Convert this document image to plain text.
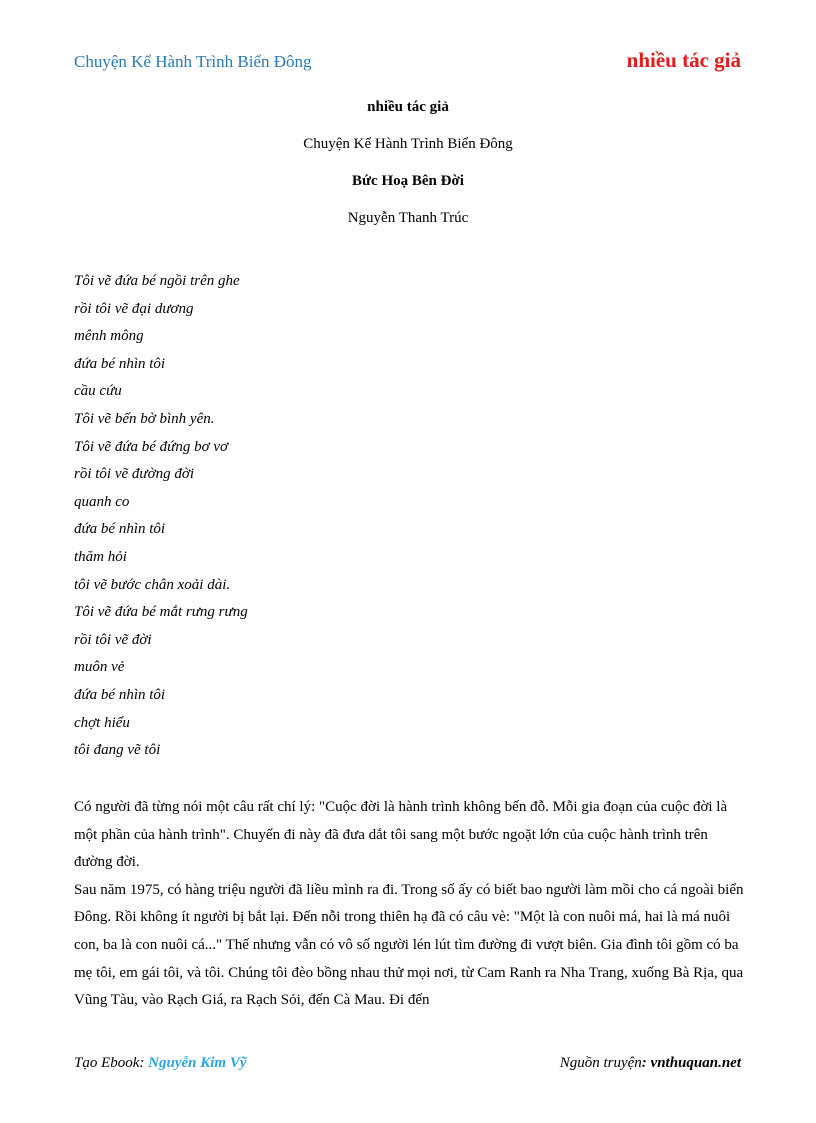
Chuyện Kể Hành Trình Biển Đông	nhiều tác giả
nhiều tác giả
Chuyện Kể Hành Trình Biển Đông
Bức Hoạ Bên Đời
Nguyễn Thanh Trúc
Tôi vẽ đứa bé ngồi trên ghe
rồi tôi vẽ đại dương
mênh mông
đứa bé nhìn tôi
cầu cứu
Tôi vẽ bến bờ bình yên.
Tôi vẽ đứa bé đứng bơ vơ
rồi tôi vẽ đường đời
quanh co
đứa bé nhìn tôi
thăm hỏi
tôi vẽ bước chân xoải dài.
Tôi vẽ đứa bé mắt rưng rưng
rồi tôi vẽ đời
muôn vẻ
đứa bé nhìn tôi
chợt hiểu
tôi đang vẽ tôi

Có người đã từng nói một câu rất chí lý: "Cuộc đời là hành trình không bến đỗ. Mỗi gia đoạn của cuộc đời là một phần của hành trình". Chuyến đi này đã đưa dắt tôi sang một bước ngoặt lớn của cuộc hành trình trên đường đời.

Sau năm 1975, có hàng triệu người đã liều mình ra đi. Trong số ấy có biết bao người làm mồi cho cá ngoài biển Đông. Rồi không ít người bị bắt lại. Đến nỗi trong thiên hạ đã có câu vè: "Một là con nuôi má, hai là má nuôi con, ba là con nuôi cá..." Thế nhưng vẫn có vô số người lén lút tìm đường đi vượt biên. Gia đình tôi gồm có ba mẹ tôi, em gái tôi, và tôi. Chúng tôi đèo bồng nhau thử mọi nơi, từ Cam Ranh ra Nha Trang, xuống Bà Rịa, qua Vũng Tàu, vào Rạch Giá, ra Rạch Sỏi, đến Cà Mau. Đi đến

Tạo Ebook: Nguyễn Kim Vỹ	Nguồn truyện: vnthuquan.net
